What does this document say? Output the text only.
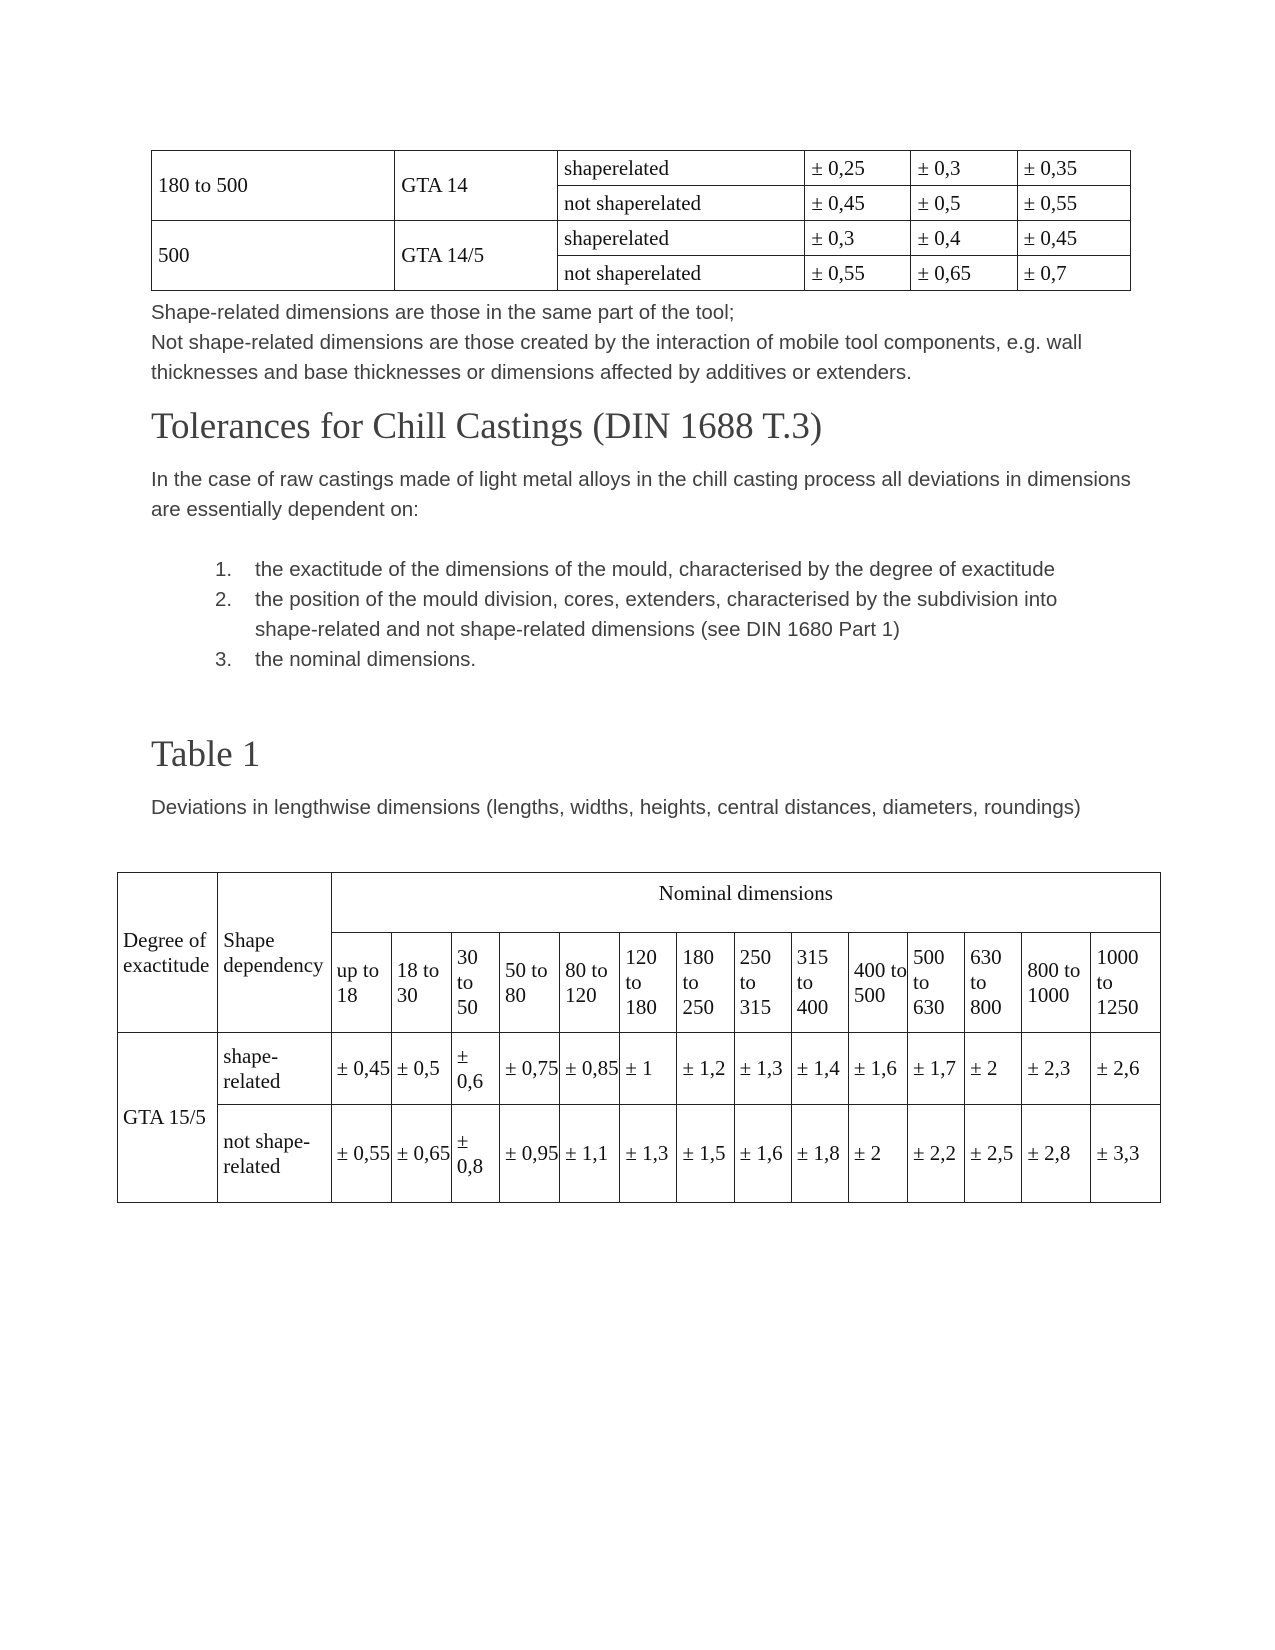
180 to 500	GTA 14	shaperelated	± 0,25	± 0,3	± 0,35
		not shaperelated	± 0,45	± 0,5	± 0,55
500	GTA 14/5	shaperelated	± 0,3	± 0,4	± 0,45
		not shaperelated	± 0,55	± 0,65	± 0,7

Shape-related dimensions are those in the same part of the tool;

Not shape-related dimensions are those created by the interaction of mobile tool components, e.g. wall thicknesses and base thicknesses or dimensions affected by additives or extenders.

Tolerances for Chill Castings (DIN 1688 T.3)

In the case of raw castings made of light metal alloys in the chill casting process all deviations in dimensions are essentially dependent on:

1. the exactitude of the dimensions of the mould, characterised by the degree of exactitude
2. the position of the mould division, cores, extenders, characterised by the subdivision into shape-related and not shape-related dimensions (see DIN 1680 Part 1)
3. the nominal dimensions.
Table 1

Deviations in lengthwise dimensions (lengths, widths, heights, central distances, diameters, roundings)

Degree of exactitude	Shape dependency	Nominal dimensions													
		up to 18	18 to 30	30 to 50	50 to 80	80 to 120	120 to 180	180 to 250	250 to 315	315 to 400	400 to 500	500 to 630	630 to 800	800 to 1000	1000 to 1250
GTA 15/5	shape-related	± 0,45	± 0,5	± 0,6	± 0,75	± 0,85	± 1	± 1,2	± 1,3	± 1,4	± 1,6	± 1,7	± 2	± 2,3	± 2,6
	not shape-related	± 0,55	± 0,65	± 0,8	± 0,95	± 1,1	± 1,3	± 1,5	± 1,6	± 1,8	± 2	± 2,2	± 2,5	± 2,8	± 3,3
